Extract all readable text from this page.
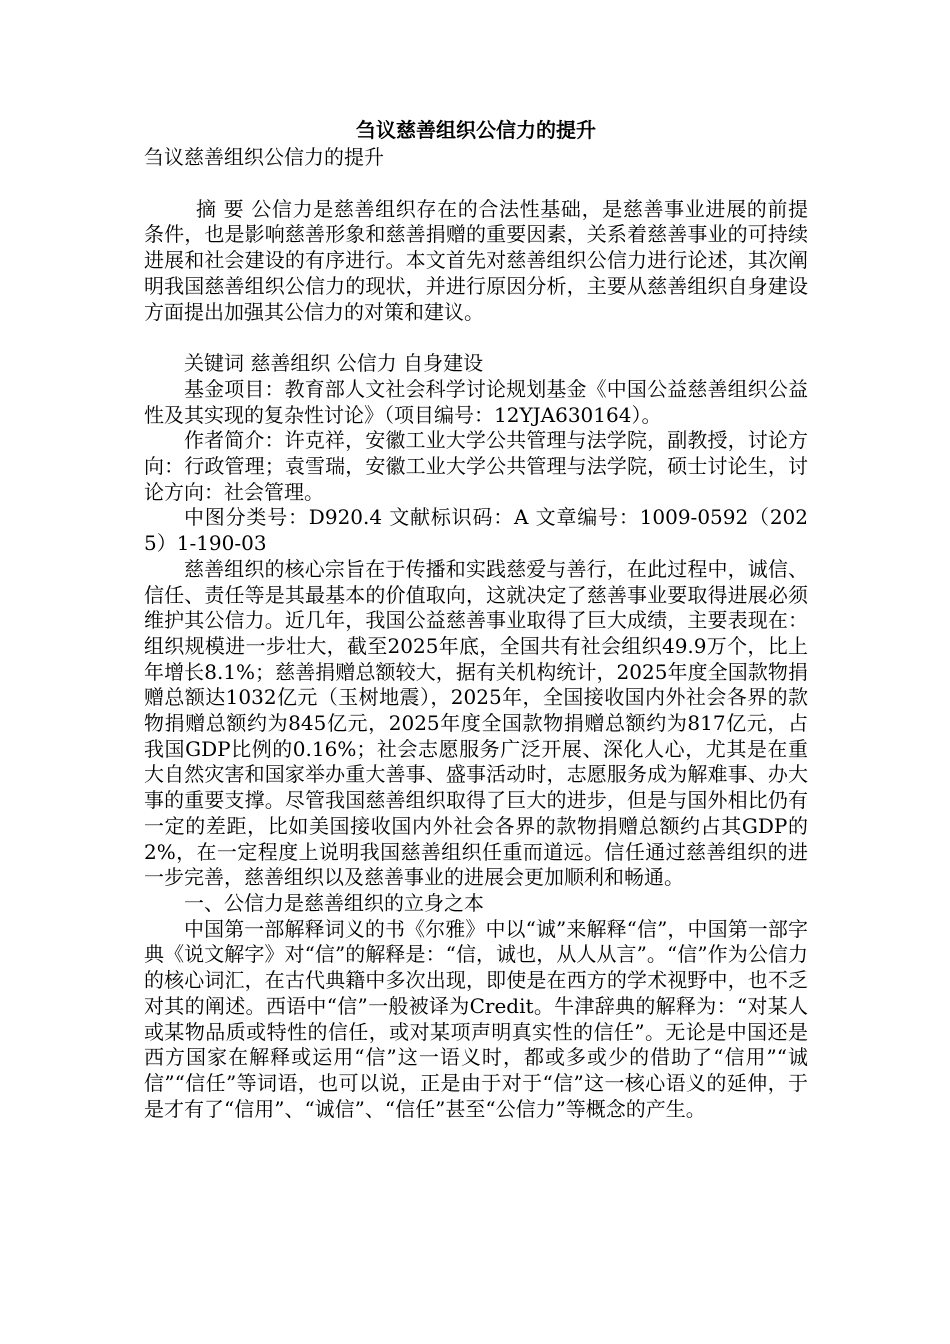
刍议慈善组织公信力的提升
刍议慈善组织公信力的提升

摘 要 公信力是慈善组织存在的合法性基础，是慈善事业进展的前提条件，也是影响慈善形象和慈善捐赠的重要因素，关系着慈善事业的可持续进展和社会建设的有序进行。本文首先对慈善组织公信力进行论述，其次阐明我国慈善组织公信力的现状，并进行原因分析，主要从慈善组织自身建设方面提出加强其公信力的对策和建议。

关键词 慈善组织 公信力 自身建设

基金项目：教育部人文社会科学讨论规划基金《中国公益慈善组织公益性及其实现的复杂性讨论》（项目编号：12YJA630164）。

作者简介：许克祥，安徽工业大学公共管理与法学院，副教授，讨论方向：行政管理；袁雪瑞，安徽工业大学公共管理与法学院，硕士讨论生，讨论方向：社会管理。

中图分类号：D920.4 文献标识码：A 文章编号：1009-0592（2025）1-190-03

慈善组织的核心宗旨在于传播和实践慈爱与善行，在此过程中，诚信、信任、责任等是其最基本的价值取向，这就决定了慈善事业要取得进展必须维护其公信力。近几年，我国公益慈善事业取得了巨大成绩，主要表现在：组织规模进一步壮大，截至2025年底，全国共有社会组织49.9万个，比上年增长8.1%；慈善捐赠总额较大，据有关机构统计，2025年度全国款物捐赠总额达1032亿元（玉树地震），2025年，全国接收国内外社会各界的款物捐赠总额约为845亿元，2025年度全国款物捐赠总额约为817亿元，占我国GDP比例的0.16%；社会志愿服务广泛开展、深化人心，尤其是在重大自然灾害和国家举办重大善事、盛事活动时，志愿服务成为解难事、办大事的重要支撑。尽管我国慈善组织取得了巨大的进步，但是与国外相比仍有一定的差距，比如美国接收国内外社会各界的款物捐赠总额约占其GDP的2%，在一定程度上说明我国慈善组织任重而道远。信任通过慈善组织的进一步完善，慈善组织以及慈善事业的进展会更加顺利和畅通。

一、公信力是慈善组织的立身之本

中国第一部解释词义的书《尔雅》中以“诚”来解释“信”，中国第一部字典《说文解字》对“信”的解释是：“信，诚也，从人从言”。“信”作为公信力的核心词汇，在古代典籍中多次出现，即使是在西方的学术视野中，也不乏对其的阐述。西语中“信”一般被译为Credit。牛津辞典的解释为：“对某人或某物品质或特性的信任，或对某项声明真实性的信任”。无论是中国还是西方国家在解释或运用“信”这一语义时，都或多或少的借助了“信用”“诚信”“信任”等词语，也可以说，正是由于对于“信”这一核心语义的延伸，于是才有了“信用”、“诚信”、“信任”甚至“公信力”等概念的产生。
